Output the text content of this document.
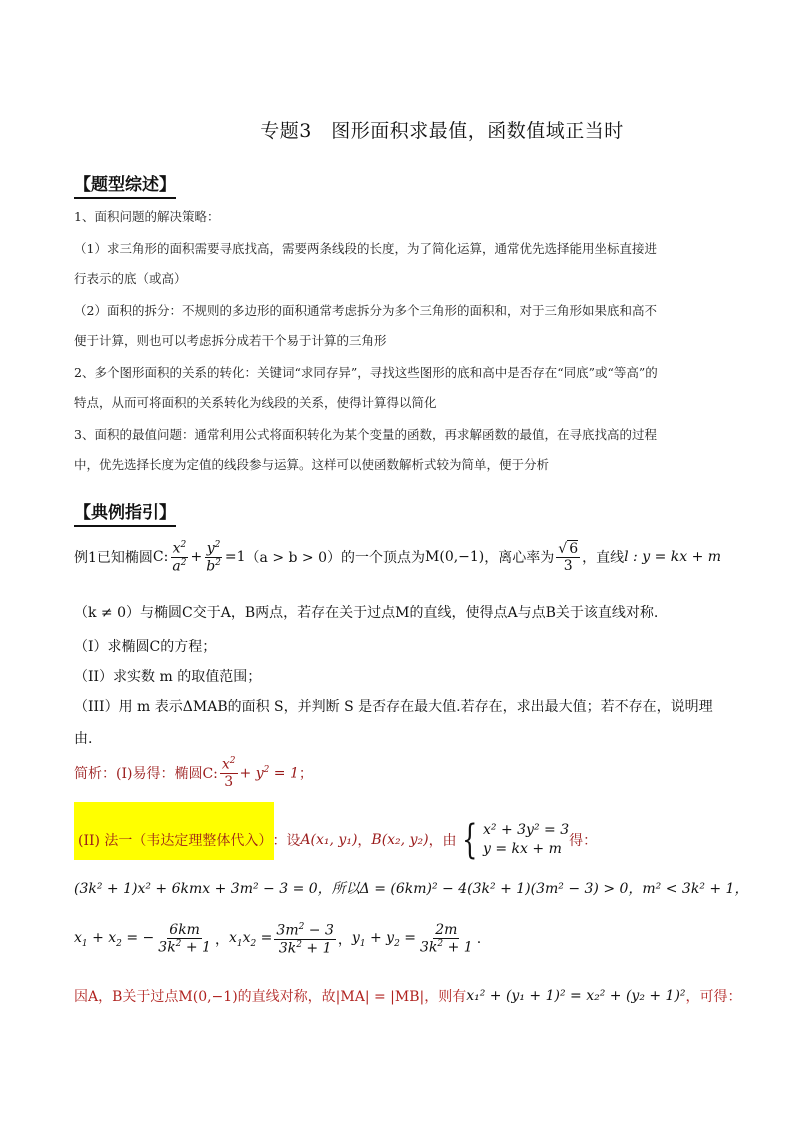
专题3　图形面积求最值，函数值域正当时
【题型综述】
1、面积问题的解决策略：
（1）求三角形的面积需要寻底找高，需要两条线段的长度，为了简化运算，通常优先选择能用坐标直接进
行表示的底（或高）
（2）面积的拆分：不规则的多边形的面积通常考虑拆分为多个三角形的面积和，对于三角形如果底和高不
便于计算，则也可以考虑拆分成若干个易于计算的三角形
2、多个图形面积的关系的转化：关键词“求同存异”，寻找这些图形的底和高中是否存在“同底”或“等高”的
特点，从而可将面积的关系转化为线段的关系，使得计算得以简化
3、面积的最值问题：通常利用公式将面积转化为某个变量的函数，再求解函数的最值，在寻底找高的过程
中，优先选择长度为定值的线段参与运算。这样可以使函数解析式较为简单，便于分析
【典例指引】
例1已知椭圆 C: $\frac{x^2}{a^2} + \frac{y^2}{b^2} =1$ （a > b > 0）的一个顶点为 M(0,−1) ，离心率为 $\frac{√ 6}{3}$ ，直线 l : y = kx + m
（k ≠ 0）与椭圆C交于A，B两点，若存在关于过点M的直线，使得点A与点B关于该直线对称.
（I）求椭圆C的方程；
（II）求实数 m 的取值范围；
（III）用 m 表示ΔMAB的面积 S，并判断 S 是否存在最大值.若存在，求出最大值；若不存在，说明理
由.
简析：(I)易得：椭圆C: $\frac{x^2}{3} + y^2 = 1$ ；
(II) 法一（韦达定理整体代入） ：设 A(x₁, y₁) ， B(x₂, y₂) ，由 { x² + 3y² = 3
y = kx + m 得：
(3k² + 1)x² + 6kmx + 3m² − 3 = 0，所以Δ = (6km)² − 4(3k² + 1)(3m² − 3) > 0，m² < 3k² + 1，
$x_1 + x_2$ = − $\frac{6km}{3k^2 + 1}$ ， $x_1x_2 = \frac{3m^2 - 3}{3k^2 + 1}$ ， $y_1 + y_2 = \frac{2m}{3k^2 + 1}$ .
因A，B关于过点M(0,−1)的直线对称，故|MA| = |MB|，则有 x₁² + (y₁ + 1)² = x₂² + (y₂ + 1)² ，可得：
